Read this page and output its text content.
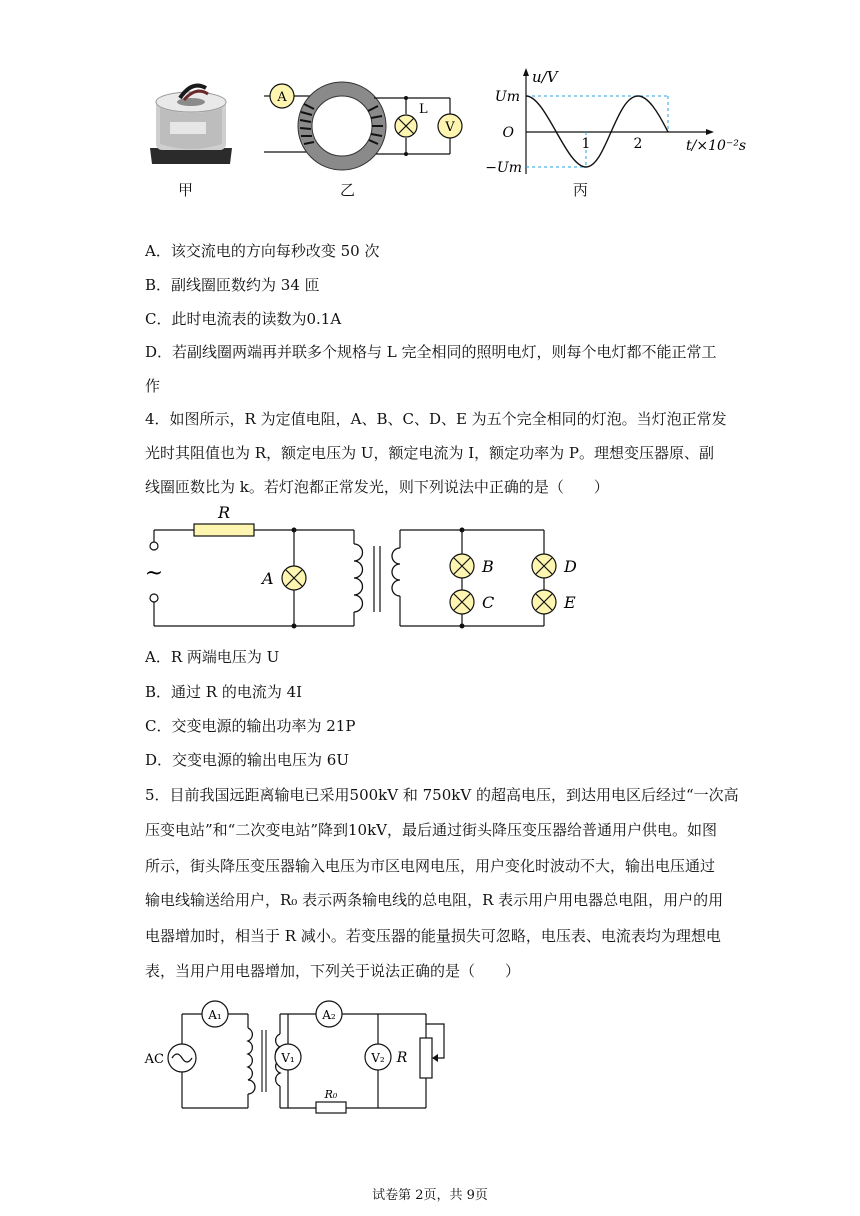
甲
A
L
V
乙
u/V
Um
O
−Um
1	2	t/×10⁻²s
丙
A．该交流电的方向每秒改变 50 次
B．副线圈匝数约为 34 匝
C．此时电流表的读数为0.1A
D．若副线圈两端再并联多个规格与 L 完全相同的照明电灯，则每个电灯都不能正常工
作
4．如图所示，R 为定值电阻，A、B、C、D、E 为五个完全相同的灯泡。当灯泡正常发
光时其阻值也为 R，额定电压为 U，额定电流为 I，额定功率为 P。理想变压器原、副
线圈匝数比为 k。若灯泡都正常发光，则下列说法中正确的是（　　）
~
R
A
B
C
D
E
A．R 两端电压为 U
B．通过 R 的电流为 4I
C．交变电源的输出功率为 21P
D．交变电源的输出电压为 6U
5．目前我国远距离输电已采用500kV 和 750kV 的超高电压，到达用电区后经过“一次高
压变电站”和“二次变电站”降到10kV，最后通过街头降压变压器给普通用户供电。如图
所示，街头降压变压器输入电压为市区电网电压，用户变化时波动不大，输出电压通过
输电线输送给用户，R₀ 表示两条输电线的总电阻，R 表示用户用电器总电阻，用户的用
电器增加时，相当于 R 减小。若变压器的能量损失可忽略，电压表、电流表均为理想电
表，当用户用电器增加，下列关于说法正确的是（　　）
A₁
AC
A₂
R₀
V₁	V₂ R
试卷第 2页，共 9页
